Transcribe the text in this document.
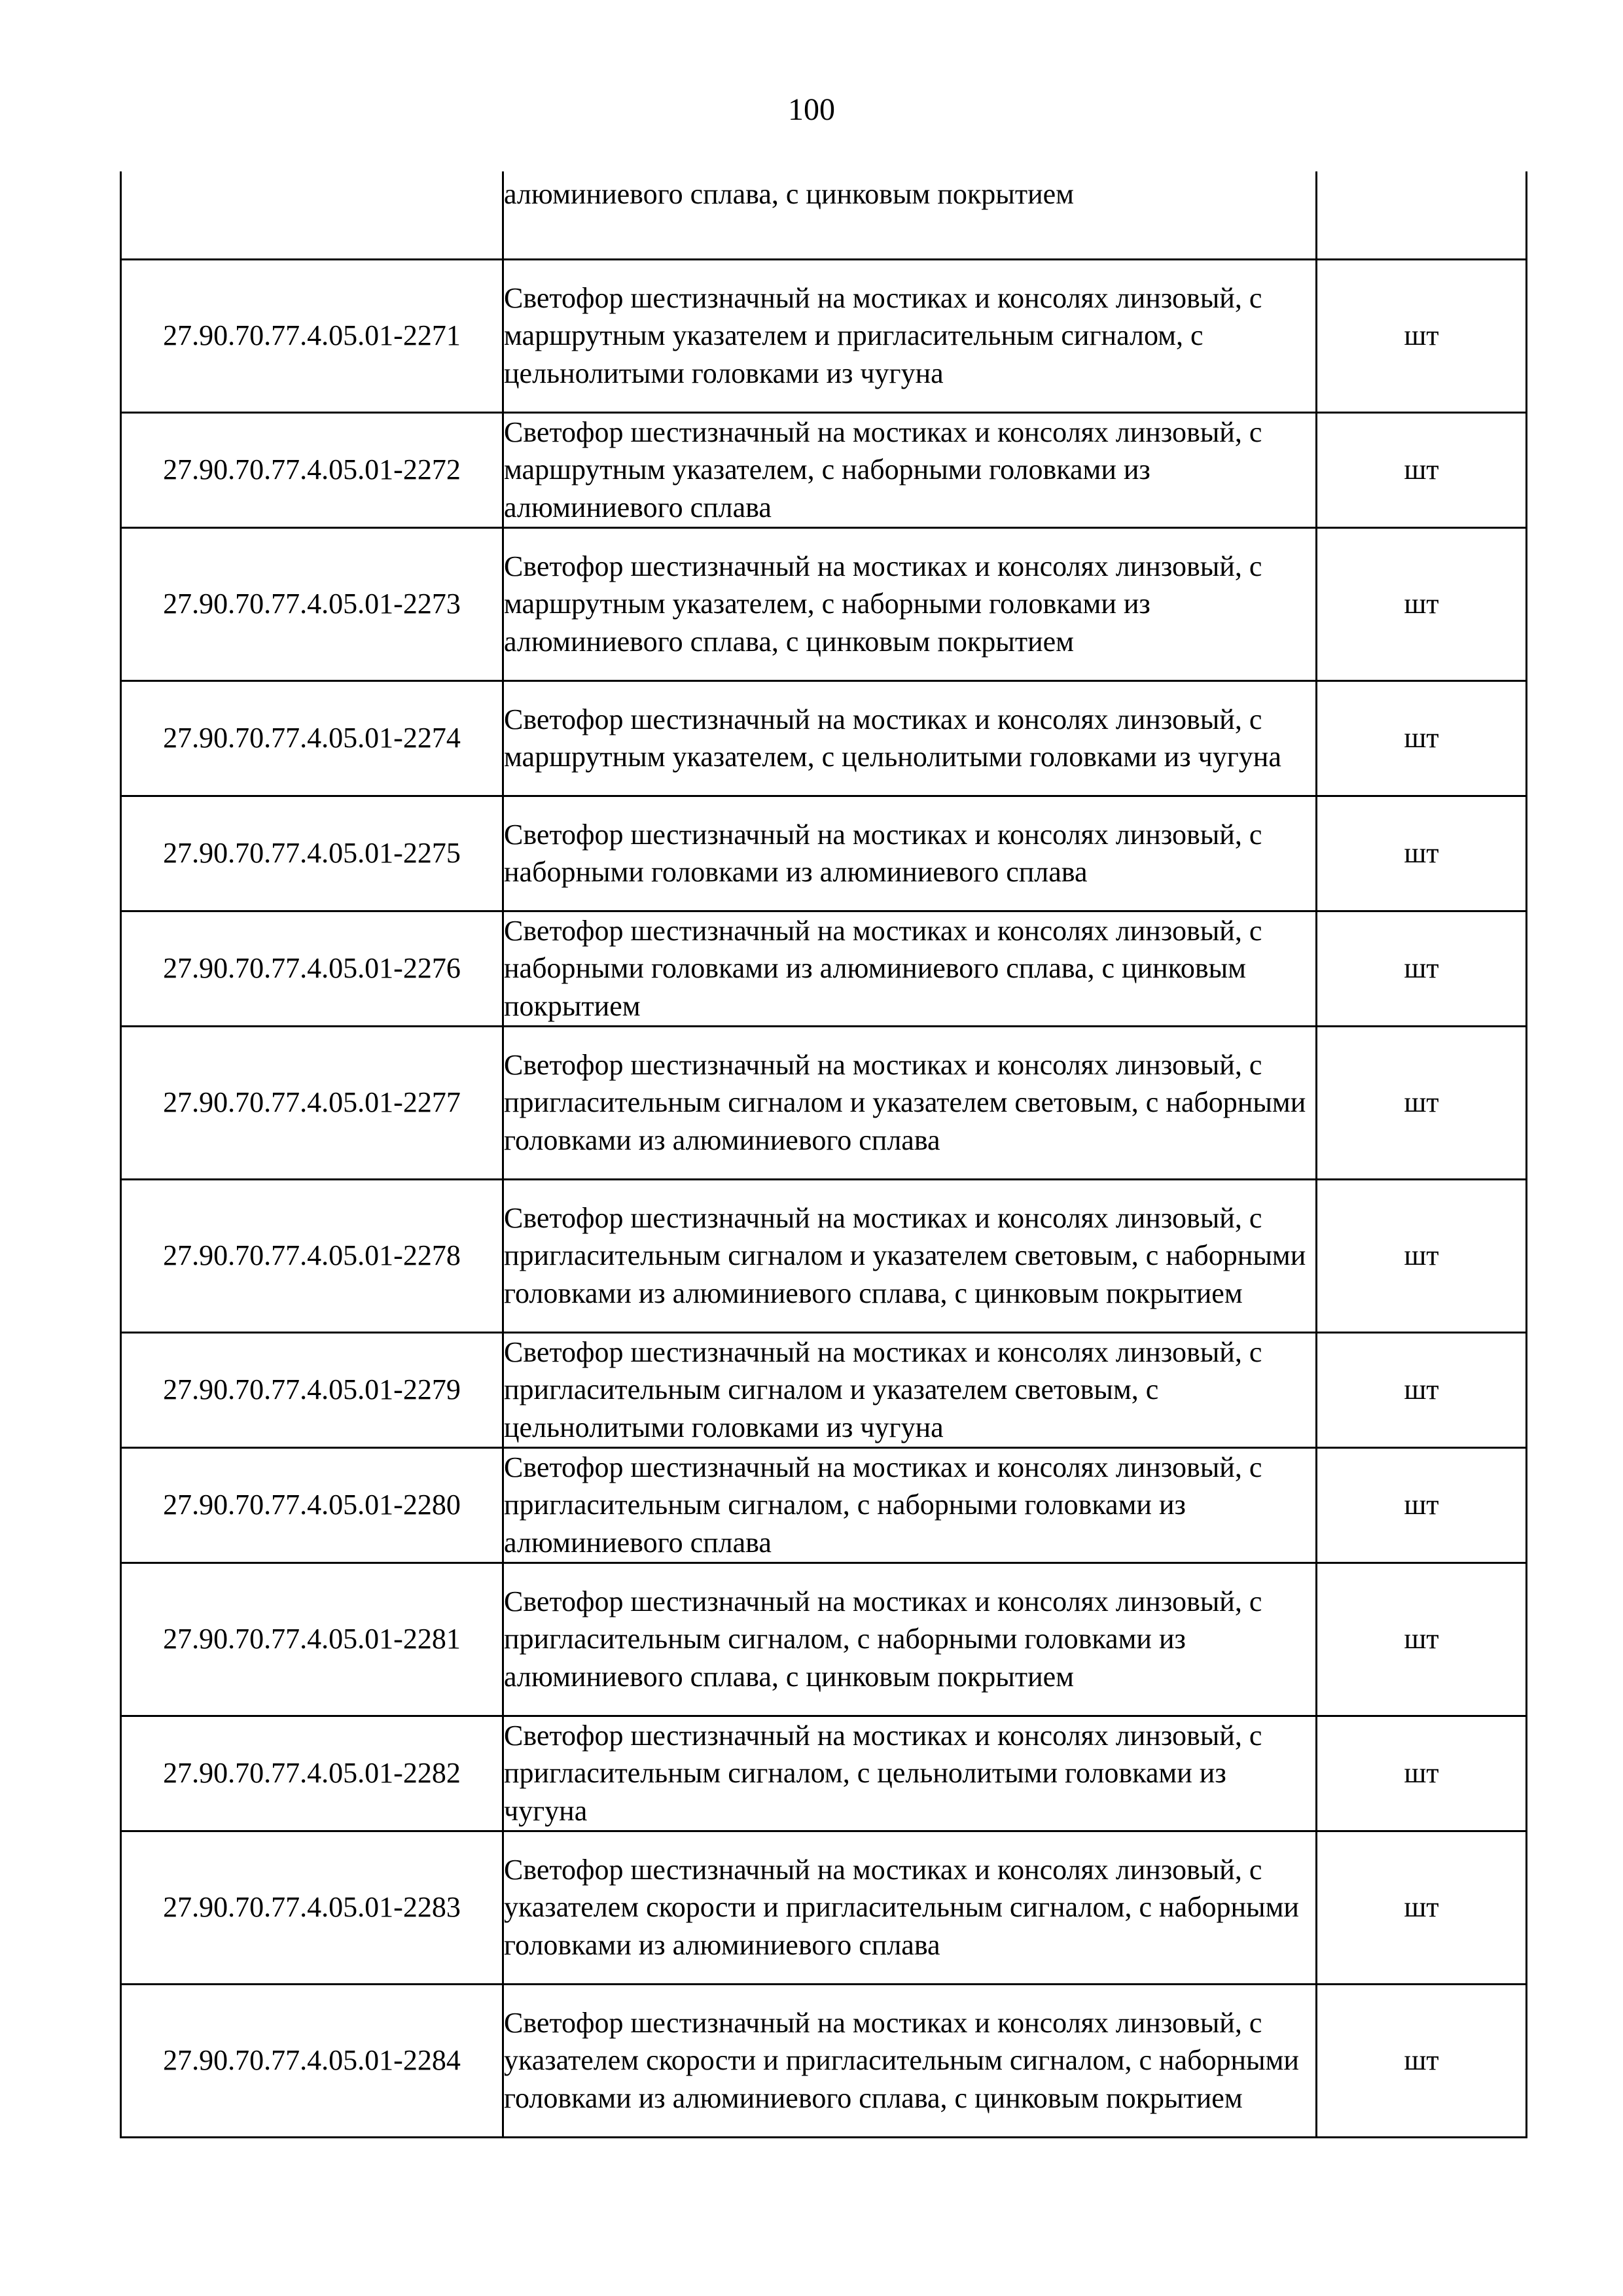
100
	алюминиевого сплава, с цинковым покрытием	
27.90.70.77.4.05.01-2271	Светофор шестизначный на мостиках и консолях линзовый, с маршрутным указателем и пригласительным сигналом, с цельнолитыми головками из чугуна	шт
27.90.70.77.4.05.01-2272	Светофор шестизначный на мостиках и консолях линзовый, с маршрутным указателем, с наборными головками из алюминиевого сплава	шт
27.90.70.77.4.05.01-2273	Светофор шестизначный на мостиках и консолях линзовый, с маршрутным указателем, с наборными головками из алюминиевого сплава, с цинковым покрытием	шт
27.90.70.77.4.05.01-2274	Светофор шестизначный на мостиках и консолях линзовый, с маршрутным указателем, с цельнолитыми головками из чугуна	шт
27.90.70.77.4.05.01-2275	Светофор шестизначный на мостиках и консолях линзовый, с наборными головками из алюминиевого сплава	шт
27.90.70.77.4.05.01-2276	Светофор шестизначный на мостиках и консолях линзовый, с наборными головками из алюминиевого сплава, с цинковым покрытием	шт
27.90.70.77.4.05.01-2277	Светофор шестизначный на мостиках и консолях линзовый, с пригласительным сигналом и указателем световым, с наборными головками из алюминиевого сплава	шт
27.90.70.77.4.05.01-2278	Светофор шестизначный на мостиках и консолях линзовый, с пригласительным сигналом и указателем световым, с наборными головками из алюминиевого сплава, с цинковым покрытием	шт
27.90.70.77.4.05.01-2279	Светофор шестизначный на мостиках и консолях линзовый, с пригласительным сигналом и указателем световым, с цельнолитыми головками из чугуна	шт
27.90.70.77.4.05.01-2280	Светофор шестизначный на мостиках и консолях линзовый, с пригласительным сигналом, с наборными головками из алюминиевого сплава	шт
27.90.70.77.4.05.01-2281	Светофор шестизначный на мостиках и консолях линзовый, с пригласительным сигналом, с наборными головками из алюминиевого сплава, с цинковым покрытием	шт
27.90.70.77.4.05.01-2282	Светофор шестизначный на мостиках и консолях линзовый, с пригласительным сигналом, с цельнолитыми головками из чугуна	шт
27.90.70.77.4.05.01-2283	Светофор шестизначный на мостиках и консолях линзовый, с указателем скорости и пригласительным сигналом, с наборными головками из алюминиевого сплава	шт
27.90.70.77.4.05.01-2284	Светофор шестизначный на мостиках и консолях линзовый, с указателем скорости и пригласительным сигналом, с наборными головками из алюминиевого сплава, с цинковым покрытием	шт
